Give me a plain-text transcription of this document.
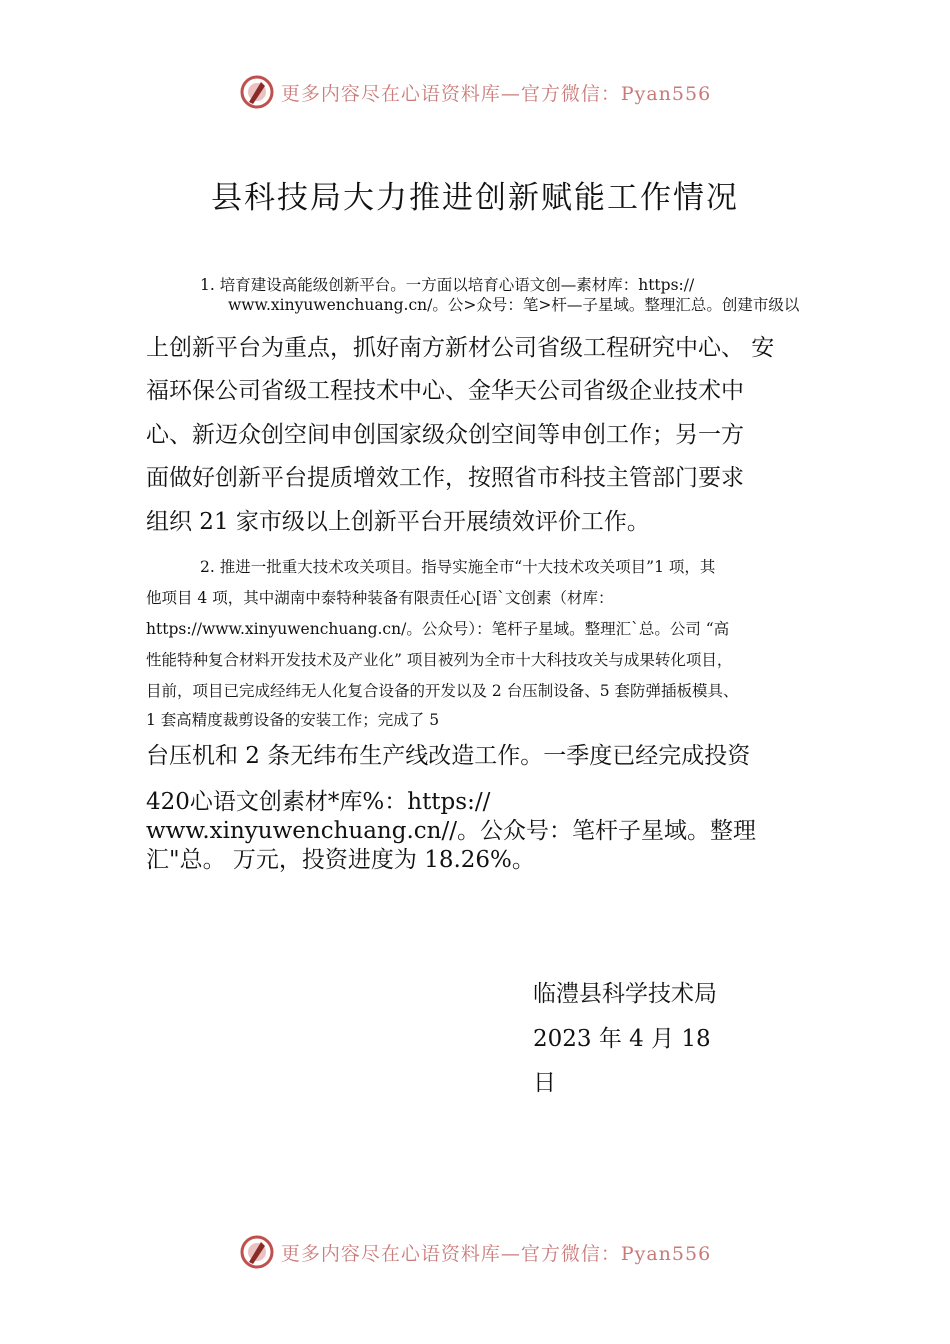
更多内容尽在心语资料库—官方微信：Pyan556
县科技局大力推进创新赋能工作情况

1. 培育建设高能级创新平台。一方面以培育心语文创—素材库：https://

www.xinyuwenchuang.cn/。公>众号：笔>杆—子星域。整理汇总。创建市级以

上创新平台为重点，抓好南方新材公司省级工程研究中心、 安

福环保公司省级工程技术中心、金华天公司省级企业技术中

心、新迈众创空间申创国家级众创空间等申创工作；另一方

面做好创新平台提质增效工作，按照省市科技主管部门要求

组织 21 家市级以上创新平台开展绩效评价工作。

2. 推进一批重大技术攻关项目。指导实施全市“十大技术攻关项目”1 项，其

他项目 4 项，其中湖南中泰特种装备有限责任心[语`文创素（材库：

https://www.xinyuwenchuang.cn/。公众号）：笔杆子星域。整理汇`总。公司 “高

性能特种复合材料开发技术及产业化” 项目被列为全市十大科技攻关与成果转化项目，

目前，项目已完成经纬无人化复合设备的开发以及 2 台压制设备、5 套防弹插板模具、

1 套高精度裁剪设备的安装工作；完成了 5

台压机和 2 条无纬布生产线改造工作。一季度已经完成投资

420心语文创素材*库%：https://

www.xinyuwenchuang.cn//。公众号：笔杆子星域。整理

汇"总。 万元，投资进度为 18.26%。

临澧县科学技术局
2023 年 4 月 18
日
更多内容尽在心语资料库—官方微信：Pyan556
